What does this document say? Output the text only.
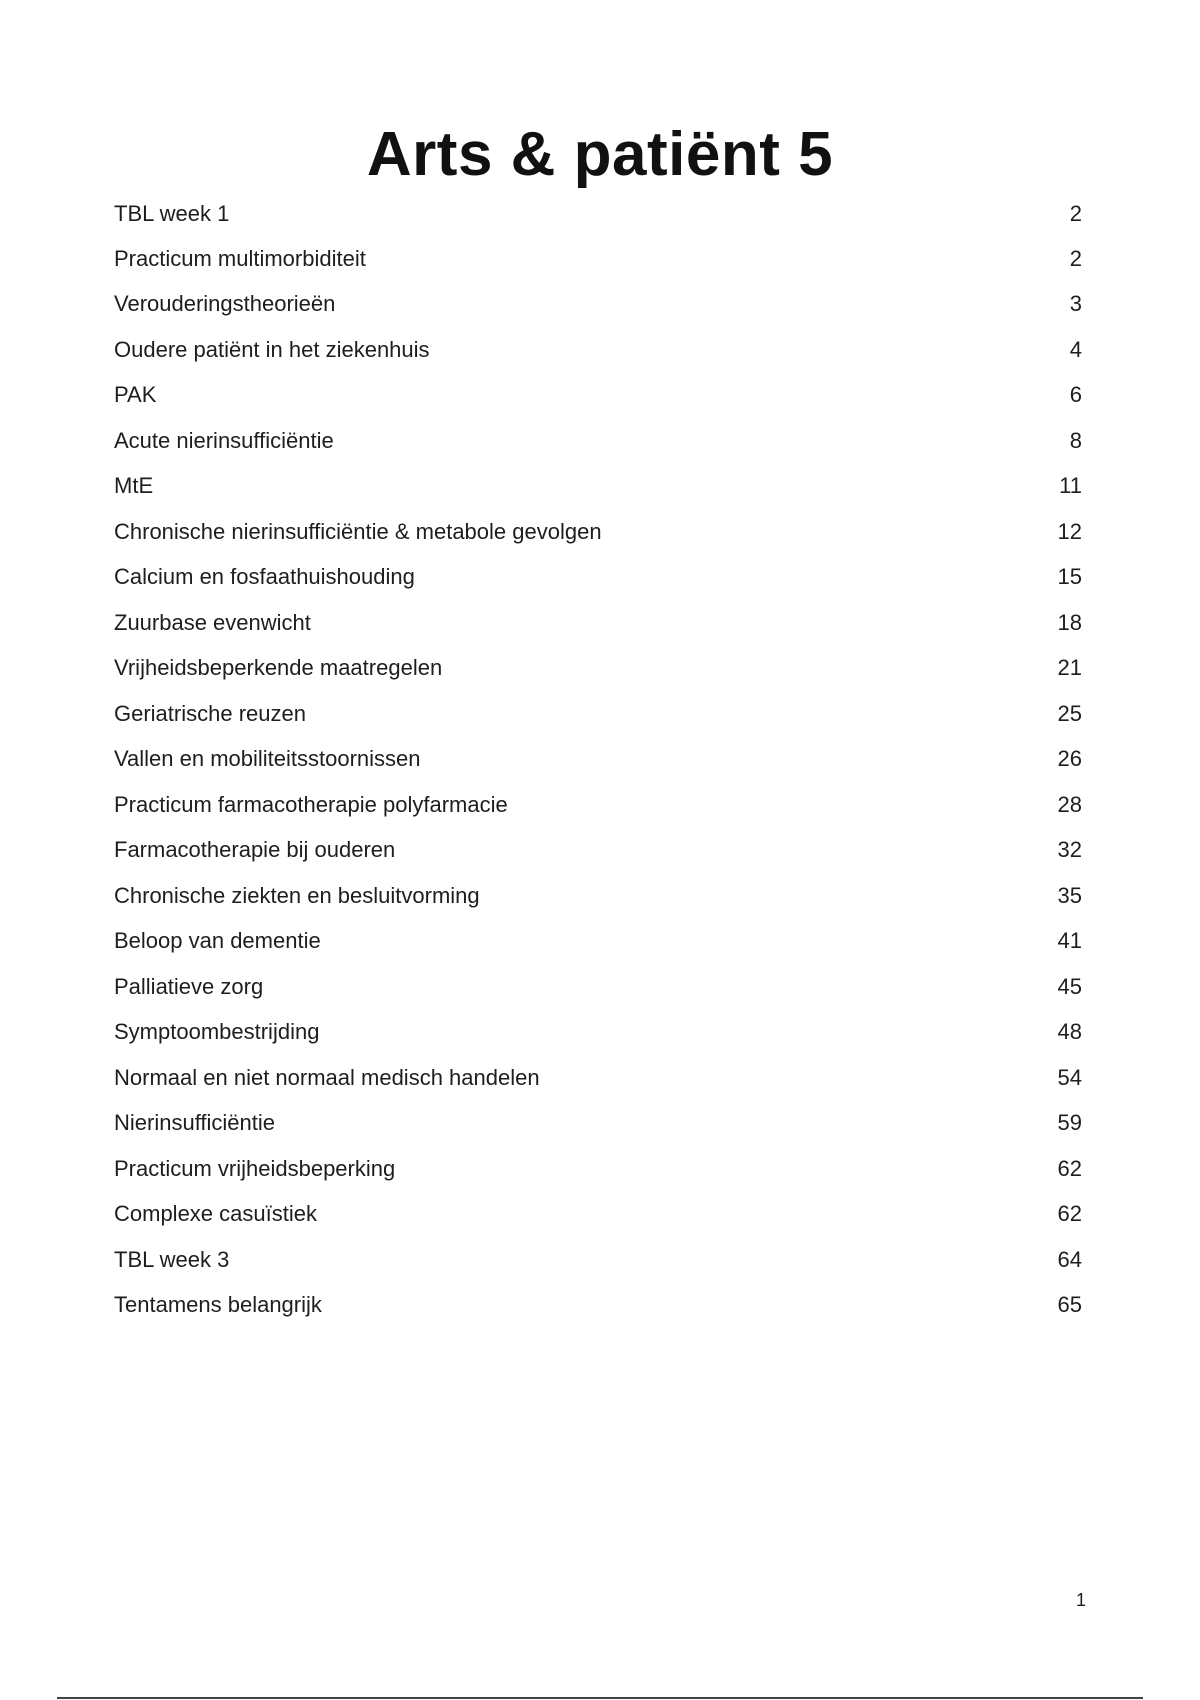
Arts & patiënt 5
TBL week 1	2
Practicum multimorbiditeit	2
Verouderingstheorieën	3
Oudere patiënt in het ziekenhuis	4
PAK	6
Acute nierinsufficiëntie	8
MtE	11
Chronische nierinsufficiëntie & metabole gevolgen	12
Calcium en fosfaathuishouding	15
Zuurbase evenwicht	18
Vrijheidsbeperkende maatregelen	21
Geriatrische reuzen	25
Vallen en mobiliteitsstoornissen	26
Practicum farmacotherapie polyfarmacie	28
Farmacotherapie bij ouderen	32
Chronische ziekten en besluitvorming	35
Beloop van dementie	41
Palliatieve zorg	45
Symptoombestrijding	48
Normaal en niet normaal medisch handelen	54
Nierinsufficiëntie	59
Practicum vrijheidsbeperking	62
Complexe casuïstiek	62
TBL week 3	64
Tentamens belangrijk	65
1
